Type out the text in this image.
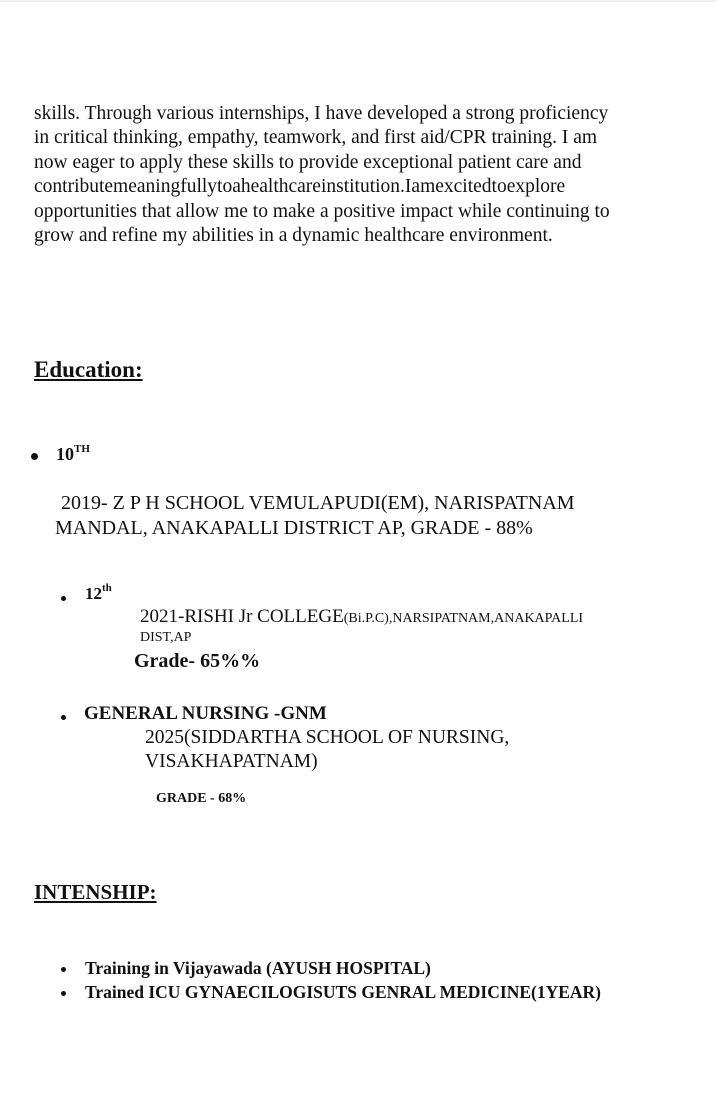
skills. Through various internships, I have developed a strong proficiency
in critical thinking, empathy, teamwork, and first aid/CPR training. I am
now eager to apply these skills to provide exceptional patient care and
contributemeaningfullytoahealthcareinstitution.Iamexcitedtoexplore
opportunities that allow me to make a positive impact while continuing to
grow and refine my abilities in a dynamic healthcare environment.
Education:
10TH
2019- Z P H SCHOOL VEMULAPUDI(EM), NARISPATNAM
MANDAL, ANAKAPALLI DISTRICT AP, GRADE - 88%
12th
2021-RISHI Jr COLLEGE(Bi.P.C),NARSIPATNAM,ANAKAPALLI
DIST,AP
Grade- 65%%
GENERAL NURSING -GNM
2025(SIDDARTHA SCHOOL OF NURSING,
VISAKHAPATNAM)
GRADE - 68%
INTENSHIP:
Training in Vijayawada (AYUSH HOSPITAL)
Trained ICU GYNAECILOGISUTS GENRAL MEDICINE(1YEAR)
